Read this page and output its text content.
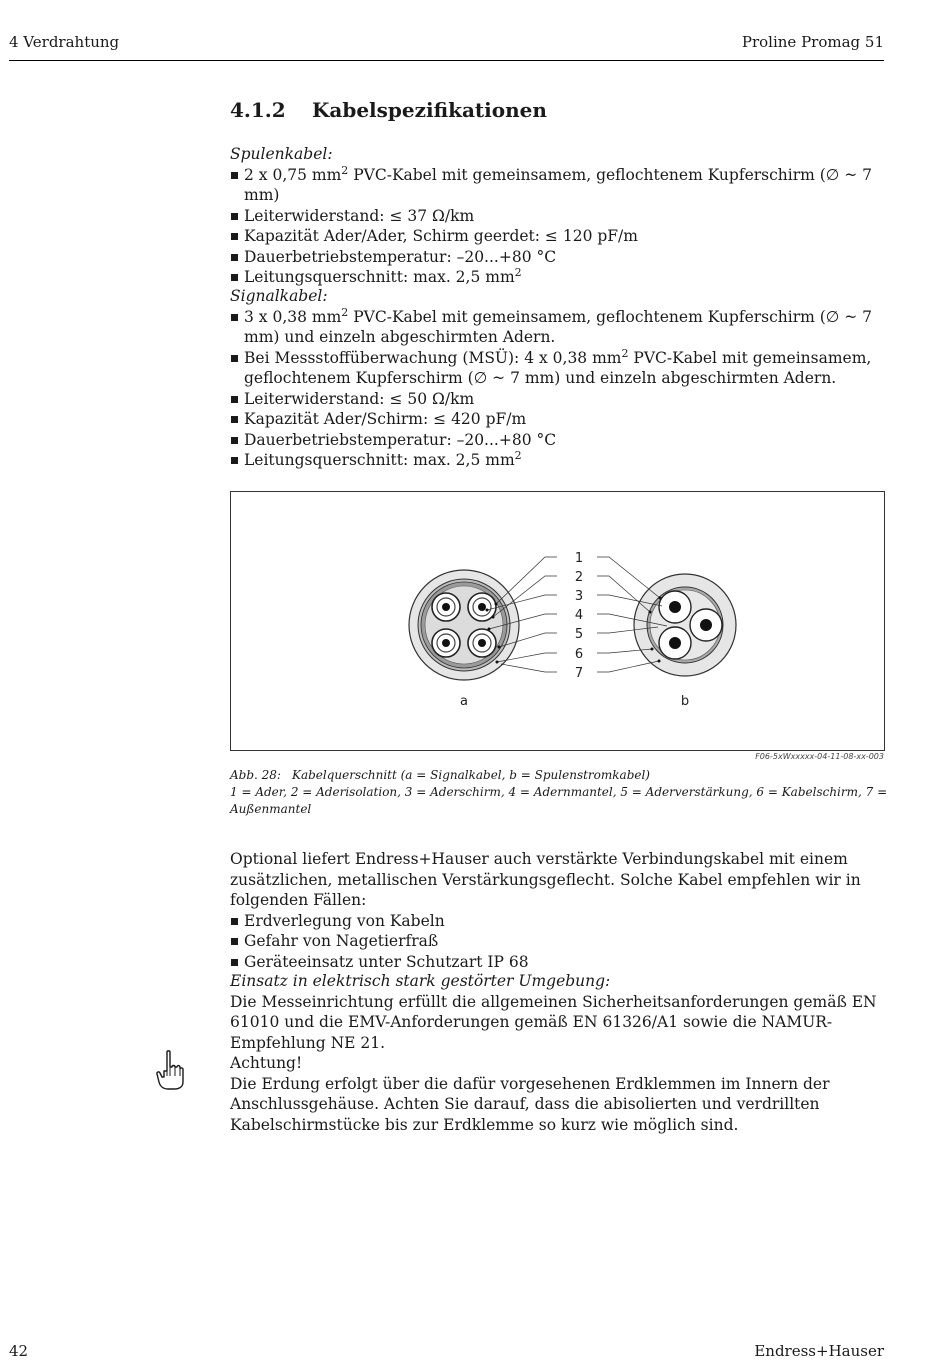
4 Verdrahtung	Proline Promag 51
4.1.2 Kabelspezifikationen

Spulenkabel:

2 x 0,75 $mm^2$ PVC-Kabel mit gemeinsamem, geflochtenem Kupferschirm (∅ ~ 7 mm)
Leiterwiderstand: ≤ 37 Ω/km
Kapazität Ader/Ader, Schirm geerdet: ≤ 120 pF/m
Dauerbetriebstemperatur: –20...+80 °C
Leitungsquerschnitt: max. 2,5 $mm^2$

Signalkabel:

3 x 0,38 $mm^2$ PVC-Kabel mit gemeinsamem, geflochtenem Kupferschirm (∅ ~ 7 mm) und einzeln abgeschirmten Adern.
Bei Messstoffüberwachung (MSÜ): 4 x 0,38 $mm^2$ PVC-Kabel mit gemeinsamem, geflochtenem Kupferschirm (∅ ~ 7 mm) und einzeln abgeschirmten Adern.
Leiterwiderstand: ≤ 50 Ω/km
Kapazität Ader/Schirm: ≤ 420 pF/m
Dauerbetriebstemperatur: –20...+80 °C
Leitungsquerschnitt: max. 2,5 $mm^2$
1
2
3
4
5
6
7
a	b
F06-5xWxxxxx-04-11-08-xx-003
Abb. 28: Kabelquerschnitt (a = Signalkabel, b = Spulenstromkabel)
1 = Ader, 2 = Aderisolation, 3 = Aderschirm, 4 = Adernmantel, 5 = Aderverstärkung, 6 = Kabelschirm, 7 = Außenmantel

Optional liefert Endress+Hauser auch verstärkte Verbindungskabel mit einem zusätzlichen, metallischen Verstärkungsgeflecht. Solche Kabel empfehlen wir in folgenden Fällen:

Erdverlegung von Kabeln
Gefahr von Nagetierfraß
Geräteeinsatz unter Schutzart IP 68

Einsatz in elektrisch stark gestörter Umgebung:

Die Messeinrichtung erfüllt die allgemeinen Sicherheitsanforderungen gemäß EN 61010 und die EMV-Anforderungen gemäß EN 61326/A1 sowie die NAMUR-Empfehlung NE 21.

Achtung!

Die Erdung erfolgt über die dafür vorgesehenen Erdklemmen im Innern der Anschlussgehäuse. Achten Sie darauf, dass die abisolierten und verdrillten Kabelschirmstücke bis zur Erdklemme so kurz wie möglich sind.

42	Endress+Hauser
